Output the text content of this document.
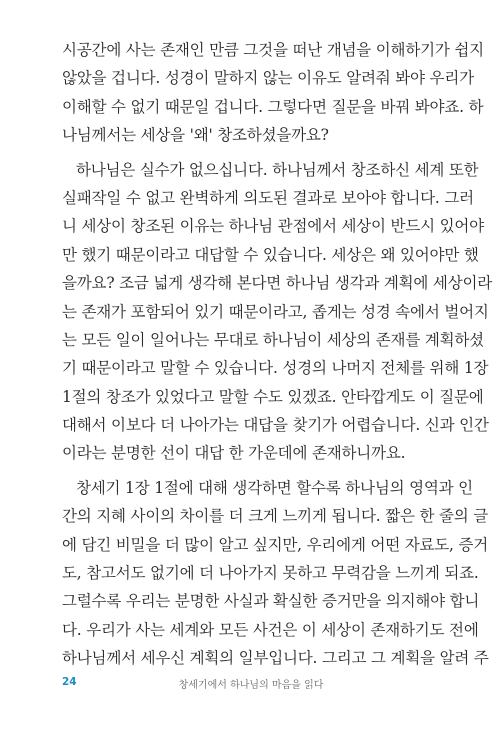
시공간에 사는 존재인 만큼 그것을 떠난 개념을 이해하기가 쉽지
않았을 겁니다. 성경이 말하지 않는 이유도 알려줘 봐야 우리가
이해할 수 없기 때문일 겁니다. 그렇다면 질문을 바꿔 봐야죠. 하
나님께서는 세상을 '왜' 창조하셨을까요?
하나님은 실수가 없으십니다. 하나님께서 창조하신 세계 또한
실패작일 수 없고 완벽하게 의도된 결과로 보아야 합니다. 그러
니 세상이 창조된 이유는 하나님 관점에서 세상이 반드시 있어야
만 했기 때문이라고 대답할 수 있습니다. 세상은 왜 있어야만 했
을까요? 조금 넓게 생각해 본다면 하나님 생각과 계획에 세상이라
는 존재가 포함되어 있기 때문이라고, 좁게는 성경 속에서 벌어지
는 모든 일이 일어나는 무대로 하나님이 세상의 존재를 계획하셨
기 때문이라고 말할 수 있습니다. 성경의 나머지 전체를 위해 1장
1절의 창조가 있었다고 말할 수도 있겠죠. 안타깝게도 이 질문에
대해서 이보다 더 나아가는 대답을 찾기가 어렵습니다. 신과 인간
이라는 분명한 선이 대답 한 가운데에 존재하니까요.
창세기 1장 1절에 대해 생각하면 할수록 하나님의 영역과 인
간의 지혜 사이의 차이를 더 크게 느끼게 됩니다. 짧은 한 줄의 글
에 담긴 비밀을 더 많이 알고 싶지만, 우리에게 어떤 자료도, 증거
도, 참고서도 없기에 더 나아가지 못하고 무력감을 느끼게 되죠.
그럴수록 우리는 분명한 사실과 확실한 증거만을 의지해야 합니
다. 우리가 사는 세계와 모든 사건은 이 세상이 존재하기도 전에
하나님께서 세우신 계획의 일부입니다. 그리고 그 계획을 알려 주
24	창세기에서 하나님의 마음을 읽다
